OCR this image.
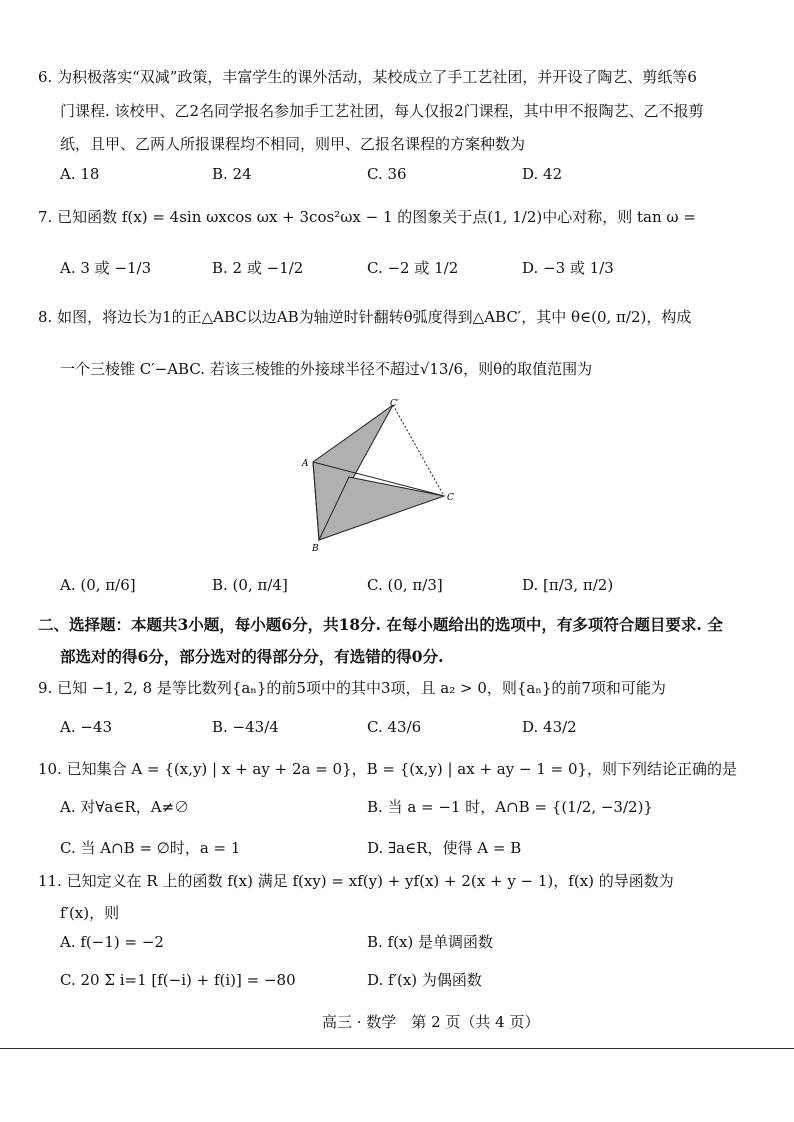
6. 为积极落实“双减”政策，丰富学生的课外活动，某校成立了手工艺社团，并开设了陶艺、剪纸等6
门课程. 该校甲、乙2名同学报名参加手工艺社团，每人仅报2门课程，其中甲不报陶艺、乙不报剪
纸，且甲、乙两人所报课程均不相同，则甲、乙报名课程的方案种数为
A. 18	B. 24	C. 36	D. 42
7. 已知函数 f(x) = 4sin ωxcos ωx + 3cos²ωx − 1 的图象关于点(1, 1/2)中心对称，则 tan ω =
A. 3 或 −1/3	B. 2 或 −1/2	C. −2 或 1/2	D. −3 或 1/3
8. 如图，将边长为1的正△ABC以边AB为轴逆时针翻转θ弧度得到△ABC′，其中 θ∈(0, π/2)，构成
一个三棱锥 C′−ABC. 若该三棱锥的外接球半径不超过√13/6，则θ的取值范围为
C′
A
B
C
A. (0, π/6]	B. (0, π/4]	C. (0, π/3]	D. [π/3, π/2)
二、选择题：本题共3小题，每小题6分，共18分. 在每小题给出的选项中，有多项符合题目要求. 全
部选对的得6分，部分选对的得部分分，有选错的得0分.
9. 已知 −1, 2, 8 是等比数列{aₙ}的前5项中的其中3项，且 a₂ > 0，则{aₙ}的前7项和可能为
A. −43	B. −43/4	C. 43/6	D. 43/2
10. 已知集合 A = {(x,y) | x + ay + 2a = 0}，B = {(x,y) | ax + ay − 1 = 0}，则下列结论正确的是
A. 对∀a∈R，A≠∅	B. 当 a = −1 时，A∩B = {(1/2, −3/2)}
C. 当 A∩B = ∅时，a = 1	D. ∃a∈R，使得 A = B
11. 已知定义在 R 上的函数 f(x) 满足 f(xy) = xf(y) + yf(x) + 2(x + y − 1)，f(x) 的导函数为
f′(x)，则
A. f(−1) = −2	B. f(x) 是单调函数
C. 20 Σ i=1 [f(−i) + f(i)] = −80	D. f′(x) 为偶函数
高三 · 数学　第 2 页（共 4 页）
